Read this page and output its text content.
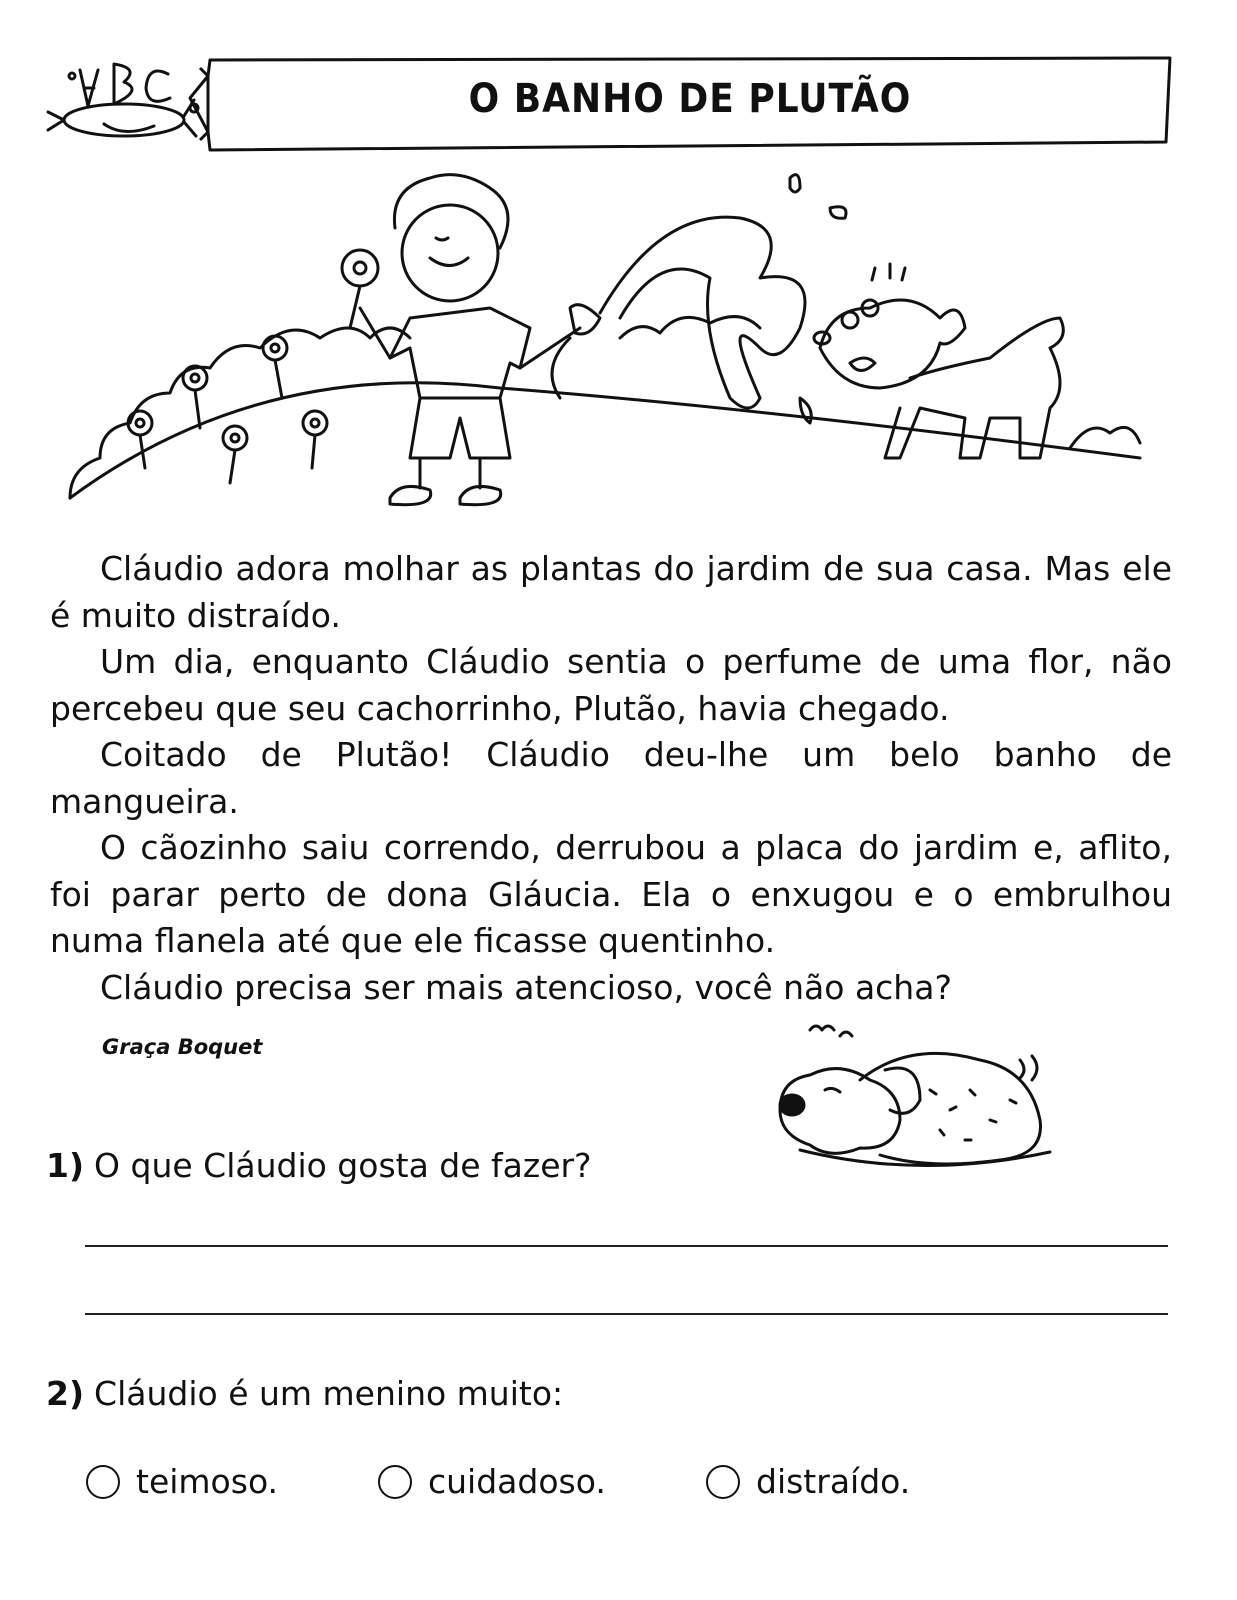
O BANHO DE PLUTÃO

Cláudio adora molhar as plantas do jardim de sua casa. Mas ele é muito distraído.

Um dia, enquanto Cláudio sentia o perfume de uma flor, não percebeu que seu cachorrinho, Plutão, havia chegado.

Coitado de Plutão! Cláudio deu-lhe um belo banho de mangueira.

O cãozinho saiu correndo, derrubou a placa do jardim e, aflito, foi parar perto de dona Gláucia. Ela o enxugou e o embrulhou numa flanela até que ele ficasse quentinho.

Cláudio precisa ser mais atencioso, você não acha?

Graça Boquet
1) O que Cláudio gosta de fazer?
2) Cláudio é um menino muito:
teimoso.	cuidadoso.	distraído.
